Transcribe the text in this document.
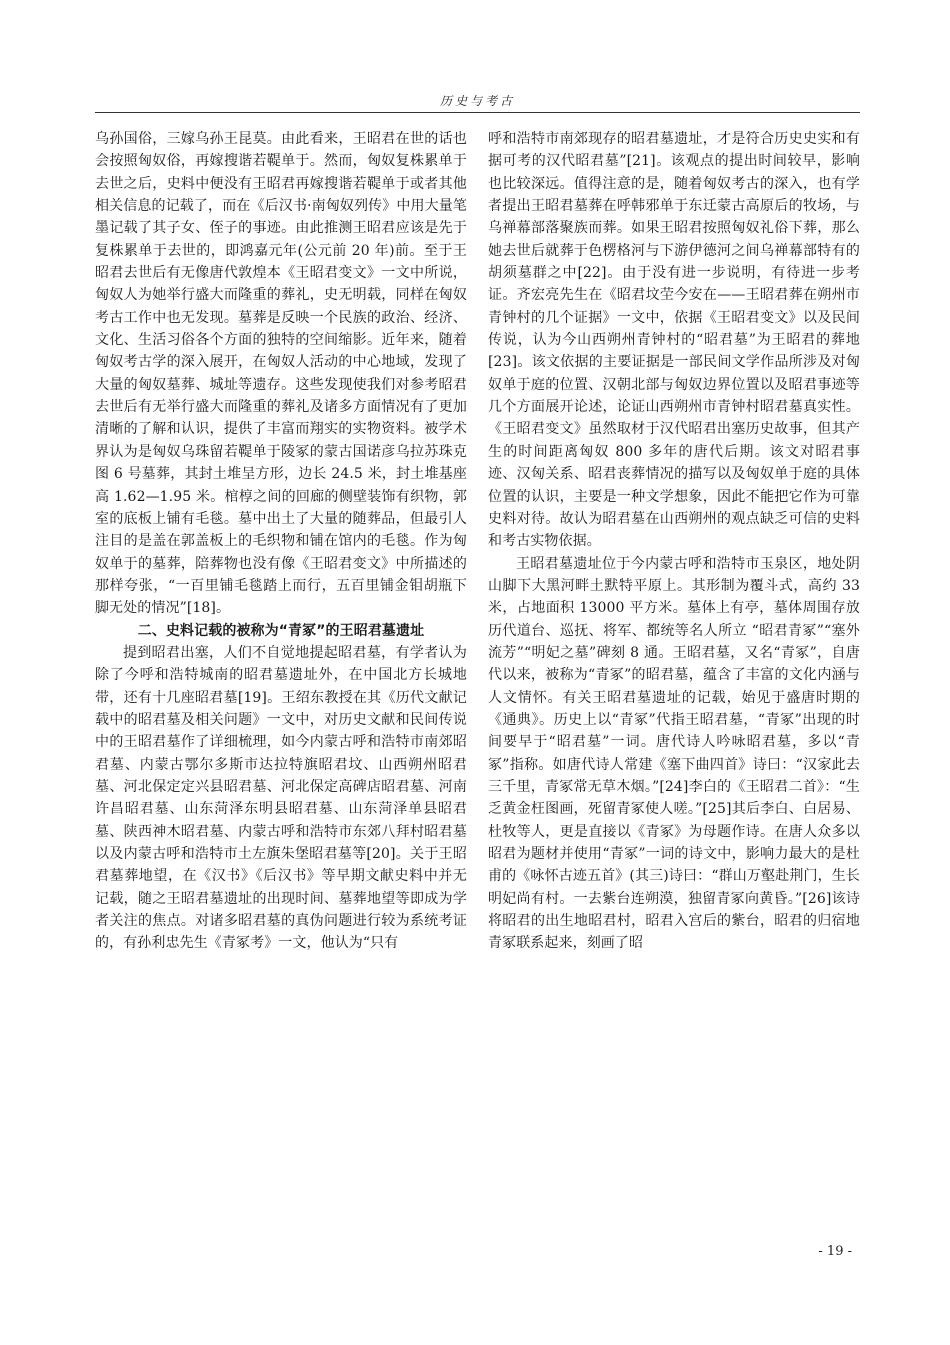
历史与考古

乌孙国俗，三嫁乌孙王昆莫。由此看来，王昭君在世的话也会按照匈奴俗，再嫁搜谐若鞮单于。然而，匈奴复株累单于去世之后，史料中便没有王昭君再嫁搜谐若鞮单于或者其他相关信息的记载了，而在《后汉书·南匈奴列传》中用大量笔墨记载了其子女、侄子的事迹。由此推测王昭君应该是先于复株累单于去世的，即鸿嘉元年(公元前 20 年)前。至于王昭君去世后有无像唐代敦煌本《王昭君变文》一文中所说，匈奴人为她举行盛大而隆重的葬礼，史无明载，同样在匈奴考古工作中也无发现。墓葬是反映一个民族的政治、经济、文化、生活习俗各个方面的独特的空间缩影。近年来，随着匈奴考古学的深入展开，在匈奴人活动的中心地域，发现了大量的匈奴墓葬、城址等遗存。这些发现使我们对参考昭君去世后有无举行盛大而隆重的葬礼及诸多方面情况有了更加清晰的了解和认识，提供了丰富而翔实的实物资料。被学术界认为是匈奴乌珠留若鞮单于陵冢的蒙古国诺彦乌拉苏珠克图 6 号墓葬，其封土堆呈方形，边长 24.5 米，封土堆基座高 1.62—1.95 米。棺椁之间的回廊的侧壁装饰有织物，郭室的底板上铺有毛毯。墓中出土了大量的随葬品，但最引人注目的是盖在郭盖板上的毛织物和铺在馆内的毛毯。作为匈奴单于的墓葬，陪葬物也没有像《王昭君变文》中所描述的那样夸张，“一百里铺毛毯踏上而行，五百里铺金钼胡瓶下脚无处的情况”[18]。

二、史料记载的被称为“青冢”的王昭君墓遗址

提到昭君出塞，人们不自觉地提起昭君墓，有学者认为除了今呼和浩特城南的昭君墓遗址外，在中国北方长城地带，还有十几座昭君墓[19]。王绍东教授在其《历代文献记载中的昭君墓及相关问题》一文中，对历史文献和民间传说中的王昭君墓作了详细梳理，如今内蒙古呼和浩特市南郊昭君墓、内蒙古鄂尔多斯市达拉特旗昭君坟、山西朔州昭君墓、河北保定定兴县昭君墓、河北保定高碑店昭君墓、河南许昌昭君墓、山东菏泽东明县昭君墓、山东菏泽单县昭君墓、陕西神木昭君墓、内蒙古呼和浩特市东郊八拜村昭君墓以及内蒙古呼和浩特市土左旗朱堡昭君墓等[20]。关于王昭君墓葬地望，在《汉书》《后汉书》等早期文献史料中并无记载，随之王昭君墓遗址的出现时间、墓葬地望等即成为学者关注的焦点。对诸多昭君墓的真伪问题进行较为系统考证的，有孙利忠先生《青冢考》一文，他认为“只有

呼和浩特市南郊现存的昭君墓遗址，才是符合历史史实和有据可考的汉代昭君墓”[21]。该观点的提出时间较早，影响也比较深远。值得注意的是，随着匈奴考古的深入，也有学者提出王昭君墓葬在呼韩邪单于东迁蒙古高原后的牧场，与乌禅幕部落聚族而葬。如果王昭君按照匈奴礼俗下葬，那么她去世后就葬于色楞格河与下游伊德河之间乌禅幕部特有的胡须墓群之中[22]。由于没有进一步说明，有待进一步考证。齐宏亮先生在《昭君坟茔今安在——王昭君葬在朔州市青钟村的几个证据》一文中，依据《王昭君变文》以及民间传说，认为今山西朔州青钟村的“昭君墓”为王昭君的葬地[23]。该文依据的主要证据是一部民间文学作品所涉及对匈奴单于庭的位置、汉朝北部与匈奴边界位置以及昭君事迹等几个方面展开论述，论证山西朔州市青钟村昭君墓真实性。《王昭君变文》虽然取材于汉代昭君出塞历史故事，但其产生的时间距离匈奴 800 多年的唐代后期。该文对昭君事迹、汉匈关系、昭君丧葬情况的描写以及匈奴单于庭的具体位置的认识，主要是一种文学想象，因此不能把它作为可靠史料对待。故认为昭君墓在山西朔州的观点缺乏可信的史料和考古实物依据。

王昭君墓遗址位于今内蒙古呼和浩特市玉泉区，地处阴山脚下大黑河畔土默特平原上。其形制为覆斗式，高约 33 米，占地面积 13000 平方米。墓体上有亭，墓体周围存放历代道台、巡抚、将军、都统等名人所立 “昭君青冢”“塞外流芳”“明妃之墓”碑刻 8 通。王昭君墓，又名“青冢”，自唐代以来，被称为“青冢”的昭君墓，蕴含了丰富的文化内涵与人文情怀。有关王昭君墓遗址的记载，始见于盛唐时期的《通典》。历史上以“青冢”代指王昭君墓，“青冢”出现的时间要早于“昭君墓”一词。唐代诗人吟咏昭君墓，多以“青冢”指称。如唐代诗人常建《塞下曲四首》诗曰：“汉家此去三千里，青冢常无草木烟。”[24]李白的《王昭君二首》：“生乏黄金枉图画，死留青冢使人嗟。”[25]其后李白、白居易、杜牧等人，更是直接以《青冢》为母题作诗。在唐人众多以昭君为题材并使用“青冢”一词的诗文中，影响力最大的是杜甫的《咏怀古迹五首》(其三)诗曰：“群山万壑赴荆门，生长明妃尚有村。一去紫台连朔漠，独留青冢向黄昏。”[26]该诗将昭君的出生地昭君村，昭君入宫后的紫台，昭君的归宿地青冢联系起来，刻画了昭

- 19 -
